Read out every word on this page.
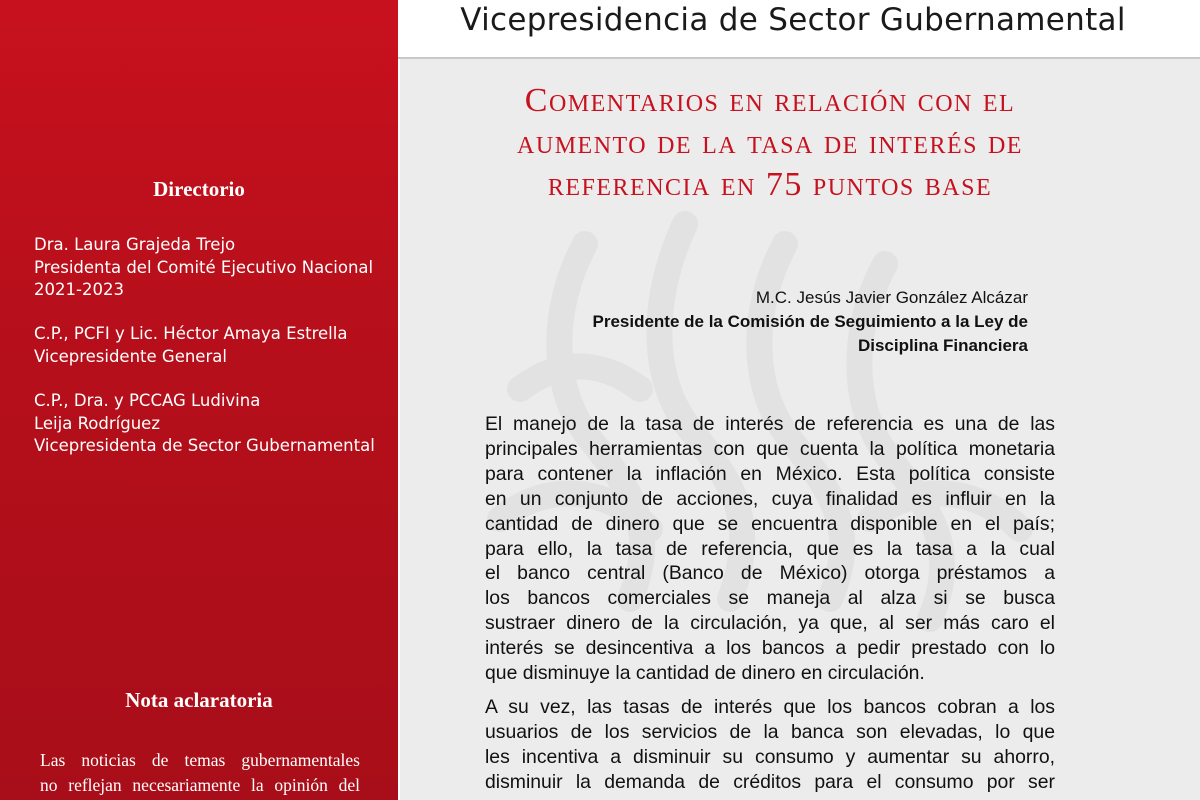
Directorio
Dra. Laura Grajeda Trejo
Presidenta del Comité Ejecutivo Nacional
2021-2023
C.P., PCFI y Lic. Héctor Amaya Estrella
Vicepresidente General
C.P., Dra. y PCCAG Ludivina
Leija Rodríguez
Vicepresidenta de Sector Gubernamental
Nota aclaratoria
Las noticias de temas gubernamentales
no reflejan necesariamente la opinión del
Vicepresidencia de Sector Gubernamental
Comentarios en relación con el
aumento de la tasa de interés de
referencia en 75 puntos base
M.C. Jesús Javier González Alcázar
Presidente de la Comisión de Seguimiento a la Ley de
Disciplina Financiera
El manejo de la tasa de interés de referencia es una de las
principales herramientas con que cuenta la política monetaria
para contener la inflación en México. Esta política consiste
en un conjunto de acciones, cuya finalidad es influir en la
cantidad de dinero que se encuentra disponible en el país;
para ello, la tasa de referencia, que es la tasa a la cual
el banco central (Banco de México) otorga préstamos a
los bancos comerciales se maneja al alza si se busca
sustraer dinero de la circulación, ya que, al ser más caro el
interés se desincentiva a los bancos a pedir prestado con lo
que disminuye la cantidad de dinero en circulación.
A su vez, las tasas de interés que los bancos cobran a los
usuarios de los servicios de la banca son elevadas, lo que
les incentiva a disminuir su consumo y aumentar su ahorro,
disminuir la demanda de créditos para el consumo por ser
